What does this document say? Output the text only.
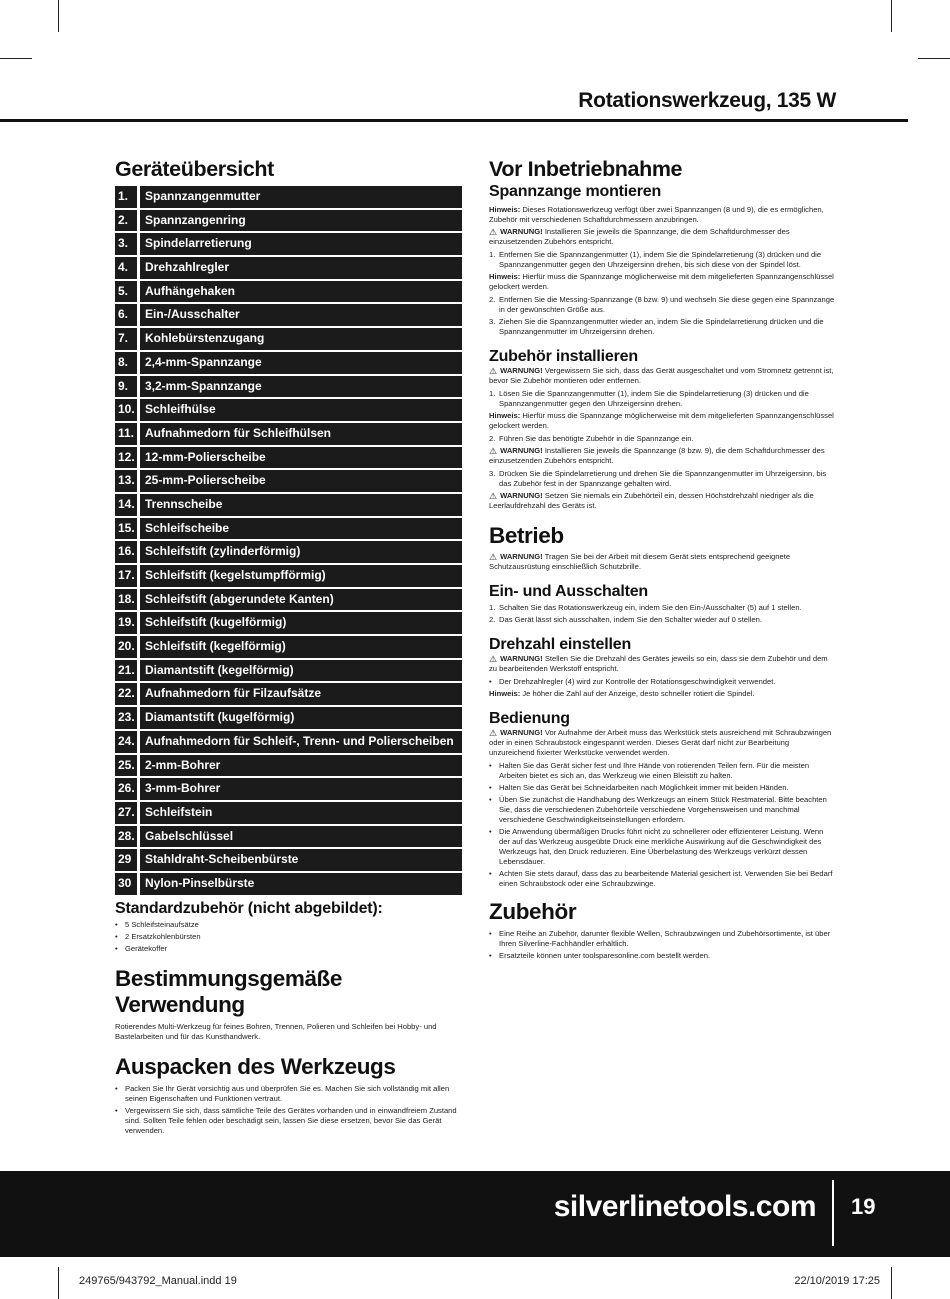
Rotationswerkzeug, 135 W
Geräteübersicht
1.	Spannzangenmutter
2.	Spannzangenring
3.	Spindelarretierung
4.	Drehzahlregler
5.	Aufhängehaken
6.	Ein-/Ausschalter
7.	Kohlebürstenzugang
8.	2,4-mm-Spannzange
9.	3,2-mm-Spannzange
10. Schleifhülse
11. Aufnahmedorn für Schleifhülsen
12. 12-mm-Polierscheibe
13. 25-mm-Polierscheibe
14. Trennscheibe
15. Schleifscheibe
16. Schleifstift (zylinderförmig)
17. Schleifstift (kegelstumpfförmig)
18. Schleifstift (abgerundete Kanten)
19. Schleifstift (kugelförmig)
20. Schleifstift (kegelförmig)
21. Diamantstift (kegelförmig)
22. Aufnahmedorn für Filzaufsätze
23. Diamantstift (kugelförmig)
24. Aufnahmedorn für Schleif-, Trenn- und Polierscheiben
25. 2-mm-Bohrer
26. 3-mm-Bohrer
27. Schleifstein
28. Gabelschlüssel
29	Stahldraht-Scheibenbürste
30	Nylon-Pinselbürste
Standardzubehör (nicht abgebildet):
• 5 Schleifsteinaufsätze
• 2 Ersatzkohlenbürsten
• Gerätekoffer
Bestimmungsgemäße Verwendung

Rotierendes Multi-Werkzeug für feines Bohren, Trennen, Polieren und Schleifen bei Hobby- und Bastelarbeiten und für das Kunsthandwerk.

Auspacken des Werkzeugs
• Packen Sie Ihr Gerät vorsichtig aus und überprüfen Sie es. Machen Sie sich vollständig mit allen seinen Eigenschaften und Funktionen vertraut.
• Vergewissern Sie sich, dass sämtliche Teile des Gerätes vorhanden und in einwandfreiem Zustand sind. Sollten Teile fehlen oder beschädigt sein, lassen Sie diese ersetzen, bevor Sie das Gerät verwenden.
Vor Inbetriebnahme
Spannzange montieren

Hinweis: Dieses Rotationswerkzeug verfügt über zwei Spannzangen (8 und 9), die es ermöglichen, Zubehör mit verschiedenen Schaftdurchmessern anzubringen.

⚠ WARNUNG! Installieren Sie jeweils die Spannzange, die dem Schaftdurchmesser des einzusetzenden Zubehörs entspricht.

1. Entfernen Sie die Spannzangenmutter (1), indem Sie die Spindelarretierung (3) drücken und die Spannzangenmutter gegen den Uhrzeigersinn drehen, bis sich diese von der Spindel löst.

Hinweis: Hierfür muss die Spannzange möglicherweise mit dem mitgelieferten Spannzangenschlüssel gelockert werden.

2. Entfernen Sie die Messing-Spannzange (8 bzw. 9) und wechseln Sie diese gegen eine Spannzange in der gewünschten Größe aus.
3. Ziehen Sie die Spannzangenmutter wieder an, indem Sie die Spindelarretierung drücken und die Spannzangenmutter im Uhrzeigersinn drehen.
Zubehör installieren

⚠ WARNUNG! Vergewissern Sie sich, dass das Gerät ausgeschaltet und vom Stromnetz getrennt ist, bevor Sie Zubehör montieren oder entfernen.

1. Lösen Sie die Spannzangenmutter (1), indem Sie die Spindelarretierung (3) drücken und die Spannzangenmutter gegen den Uhrzeigersinn drehen.

Hinweis: Hierfür muss die Spannzange möglicherweise mit dem mitgelieferten Spannzangenschlüssel gelockert werden.

2. Führen Sie das benötigte Zubehör in die Spannzange ein.

⚠ WARNUNG! Installieren Sie jeweils die Spannzange (8 bzw. 9), die dem Schaftdurchmesser des einzusetzenden Zubehörs entspricht.

3. Drücken Sie die Spindelarretierung und drehen Sie die Spannzangenmutter im Uhrzeigersinn, bis das Zubehör fest in der Spannzange gehalten wird.

⚠ WARNUNG! Setzen Sie niemals ein Zubehörteil ein, dessen Höchstdrehzahl niedriger als die Leerlaufdrehzahl des Geräts ist.

Betrieb

⚠ WARNUNG! Tragen Sie bei der Arbeit mit diesem Gerät stets entsprechend geeignete Schutzausrüstung einschließlich Schutzbrille.

Ein- und Ausschalten
1. Schalten Sie das Rotationswerkzeug ein, indem Sie den Ein-/Ausschalter (5) auf 1 stellen.
2. Das Gerät lässt sich ausschalten, indem Sie den Schalter wieder auf 0 stellen.
Drehzahl einstellen

⚠ WARNUNG! Stellen Sie die Drehzahl des Gerätes jeweils so ein, dass sie dem Zubehör und dem zu bearbeitenden Werkstoff entspricht.

• Der Drehzahlregler (4) wird zur Kontrolle der Rotationsgeschwindigkeit verwendet.

Hinweis: Je höher die Zahl auf der Anzeige, desto schneller rotiert die Spindel.

Bedienung

⚠ WARNUNG! Vor Aufnahme der Arbeit muss das Werkstück stets ausreichend mit Schraubzwingen oder in einen Schraubstock eingespannt werden. Dieses Gerät darf nicht zur Bearbeitung unzureichend fixierter Werkstücke verwendet werden.

• Halten Sie das Gerät sicher fest und Ihre Hände von rotierenden Teilen fern. Für die meisten Arbeiten bietet es sich an, das Werkzeug wie einen Bleistift zu halten.
• Halten Sie das Gerät bei Schneidarbeiten nach Möglichkeit immer mit beiden Händen.
• Üben Sie zunächst die Handhabung des Werkzeugs an einem Stück Restmaterial. Bitte beachten Sie, dass die verschiedenen Zubehörteile verschiedene Vorgehensweisen und manchmal verschiedene Geschwindigkeitseinstellungen erfordern.
• Die Anwendung übermäßigen Drucks führt nicht zu schnellerer oder effizienterer Leistung. Wenn der auf das Werkzeug ausgeübte Druck eine merkliche Auswirkung auf die Geschwindigkeit des Werkzeugs hat, den Druck reduzieren. Eine Überbelastung des Werkzeugs verkürzt dessen Lebensdauer.
• Achten Sie stets darauf, dass das zu bearbeitende Material gesichert ist. Verwenden Sie bei Bedarf einen Schraubstock oder eine Schraubzwinge.
Zubehör
• Eine Reihe an Zubehör, darunter flexible Wellen, Schraubzwingen und Zubehörsortimente, ist über Ihren Silverline-Fachhändler erhältlich.
• Ersatzteile können unter toolsparesonline.com bestellt werden.
silverlinetools.com 19
249765/943792_Manual.indd 19	22/10/2019 17:25
